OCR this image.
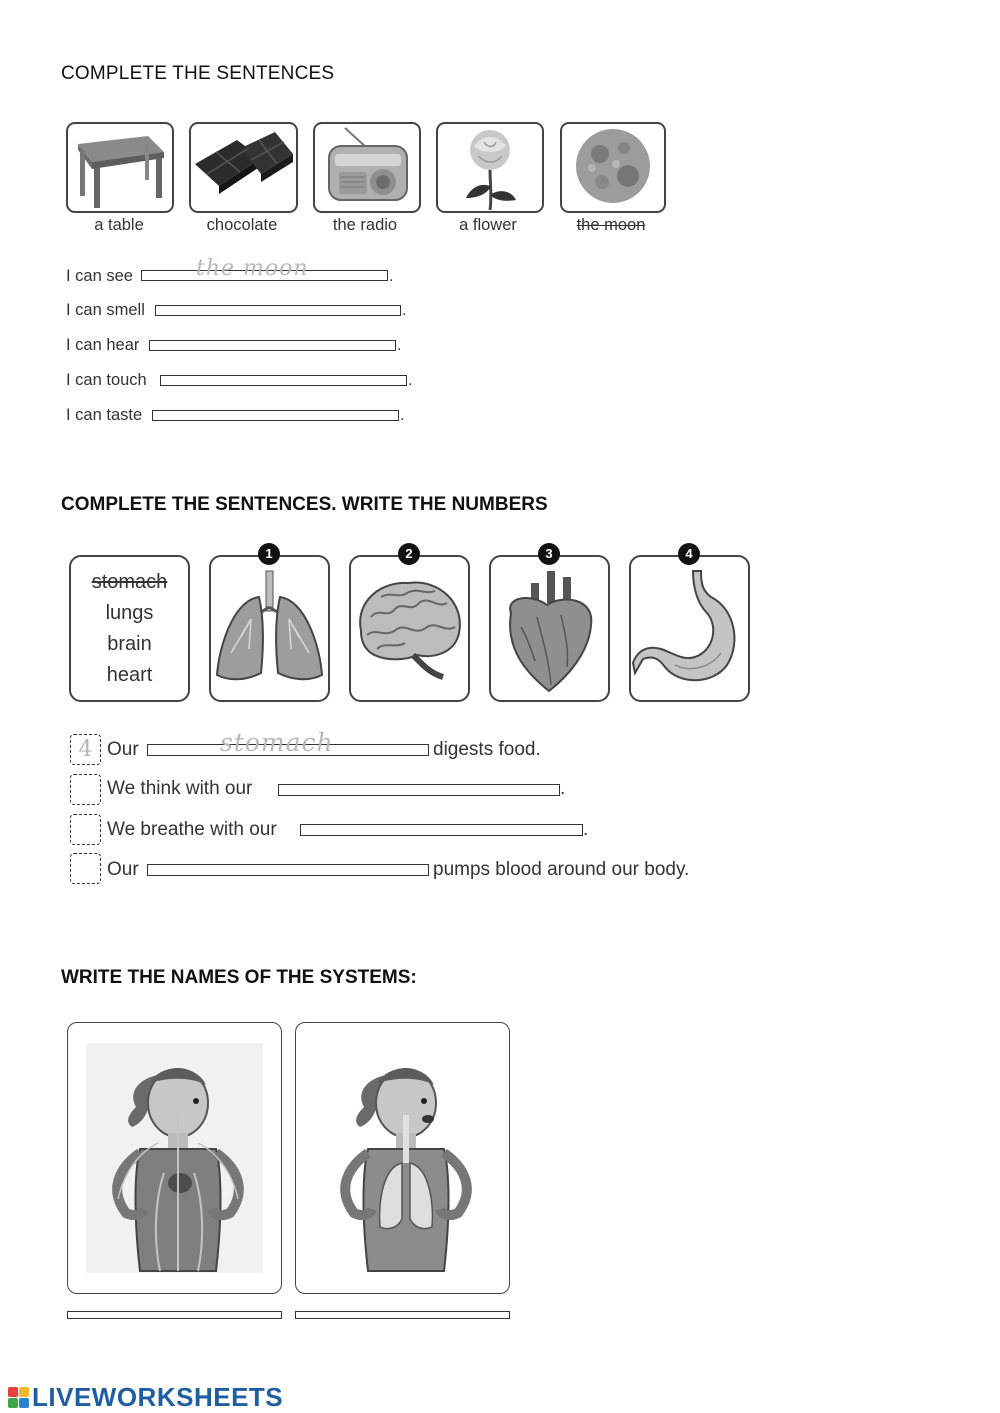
COMPLETE THE SENTENCES
a table	chocolate	the radio	a flower	the moon
I can see	the moon	.
I can smell	.
I can hear	.
I can touch	.
I can taste	.
COMPLETE THE SENTENCES. WRITE THE NUMBERS
stomach
lungs
brain
heart
1	2	3	4
4 Our	stomach	digests food.
We think with our	.
We breathe with our	.
Our	pumps blood around our body.
WRITE THE NAMES OF THE SYSTEMS:
LIVEWORKSHEETS
